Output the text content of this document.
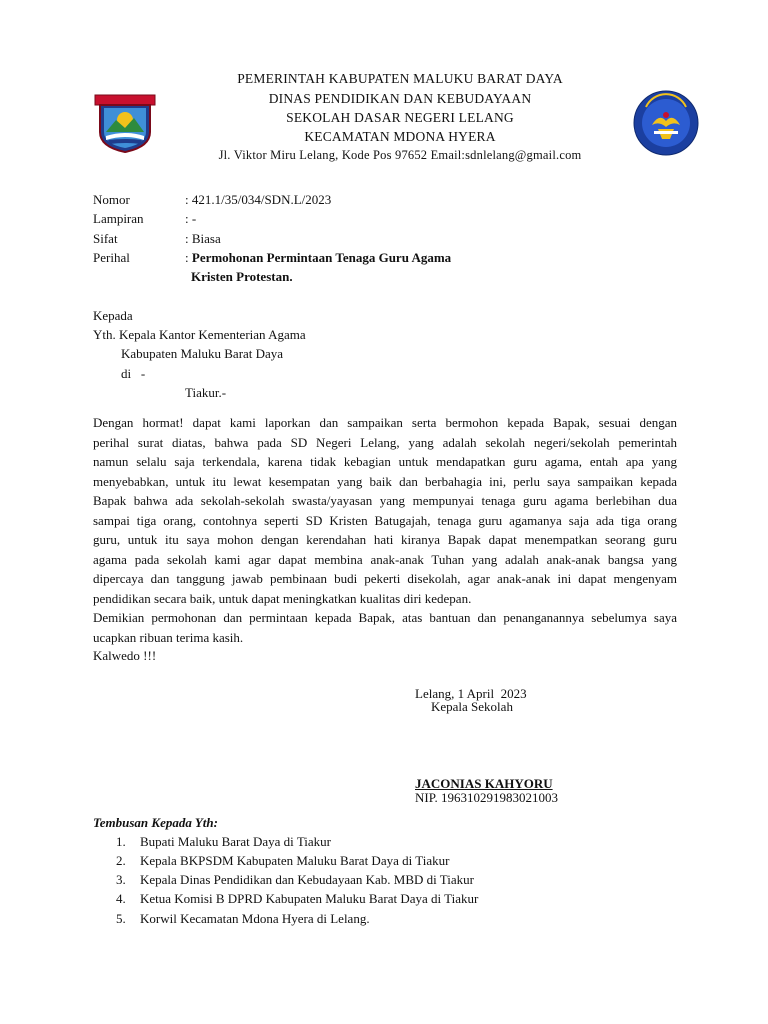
PEMERINTAH KABUPATEN MALUKU BARAT DAYA
DINAS PENDIDIKAN DAN KEBUDAYAAN
SEKOLAH DASAR NEGERI LELANG
KECAMATAN MDONA HYERA
Jl. Viktor Miru Lelang, Kode Pos 97652 Email:sdnlelang@gmail.com
Nomor	: 421.1/35/034/SDN.L/2023
Lampiran	: -
Sifat	: Biasa
Perihal	: Permohonan Permintaan Tenaga Guru Agama
Kristen Protestan.
Kepada
Yth. Kepala Kantor Kementerian Agama
Kabupaten Maluku Barat Daya
di   -
Tiakur.-
Dengan hormat! dapat kami laporkan dan sampaikan serta bermohon kepada Bapak, sesuai dengan
perihal surat diatas, bahwa pada SD Negeri Lelang, yang adalah sekolah negeri/sekolah pemerintah
namun selalu saja terkendala, karena tidak kebagian untuk mendapatkan guru agama, entah apa yang
menyebabkan, untuk itu lewat kesempatan yang baik dan berbahagia ini, perlu saya sampaikan kepada
Bapak bahwa ada sekolah-sekolah swasta/yayasan yang mempunyai tenaga guru agama berlebihan dua
sampai tiga orang, contohnya seperti SD Kristen Batugajah, tenaga guru agamanya saja ada tiga orang
guru, untuk itu saya mohon dengan kerendahan hati kiranya Bapak dapat menempatkan seorang guru
agama pada sekolah kami agar dapat membina anak-anak Tuhan yang adalah anak-anak bangsa yang
dipercaya dan tanggung jawab pembinaan budi pekerti disekolah, agar anak-anak ini dapat mengenyam
pendidikan secara baik, untuk dapat meningkatkan kualitas diri kedepan.
Demikian permohonan dan permintaan kepada Bapak, atas bantuan dan penanganannya sebelumya saya
ucapkan ribuan terima kasih.
Kalwedo !!!
Lelang, 1 April  2023
Kepala Sekolah
JACONIAS KAHYORU
NIP. 196310291983021003
Tembusan Kepada Yth:
1. Bupati Maluku Barat Daya di Tiakur
2. Kepala BKPSDM Kabupaten Maluku Barat Daya di Tiakur
3. Kepala Dinas Pendidikan dan Kebudayaan Kab. MBD di Tiakur
4. Ketua Komisi B DPRD Kabupaten Maluku Barat Daya di Tiakur
5. Korwil Kecamatan Mdona Hyera di Lelang.
